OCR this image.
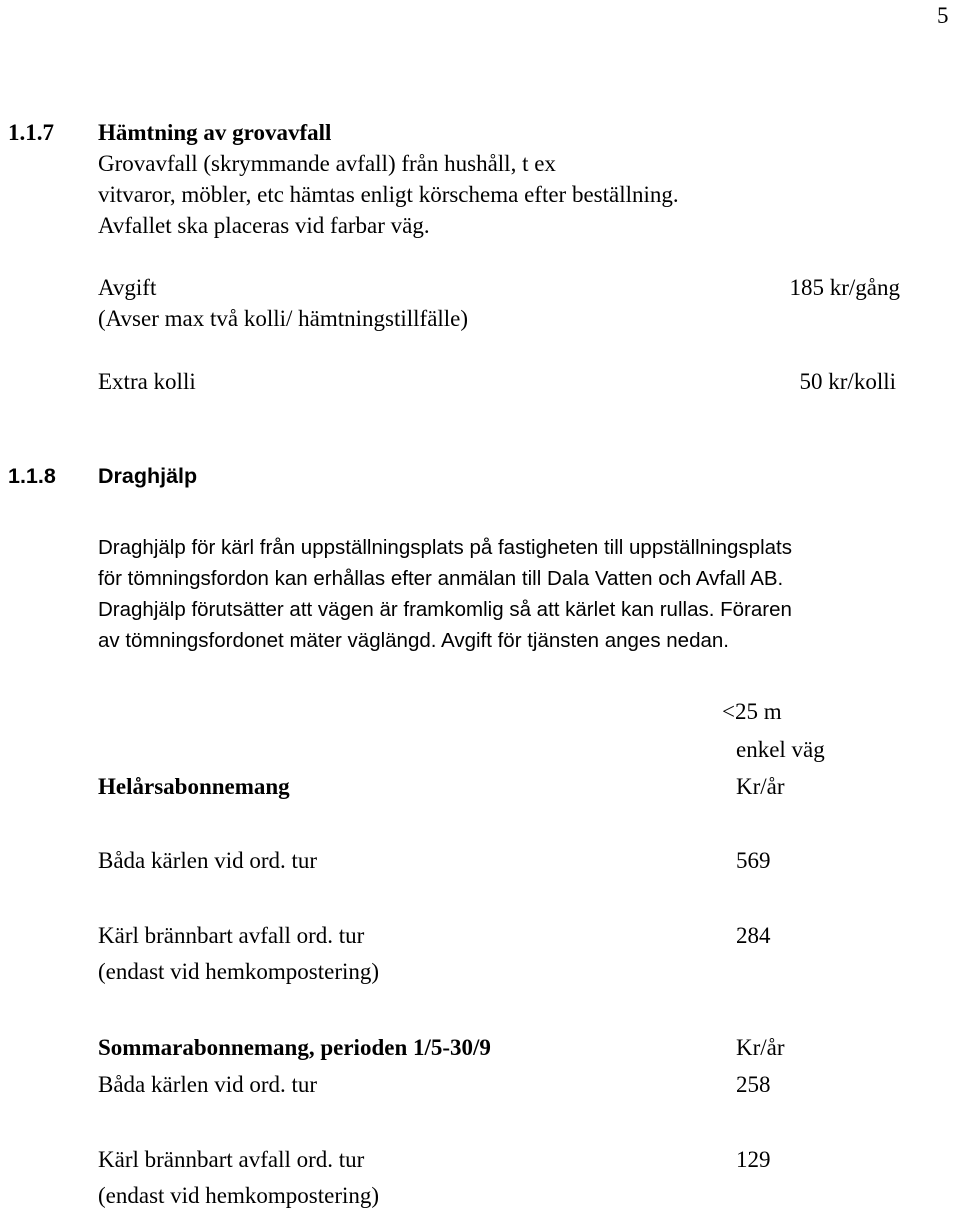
5
1.1.7 Hämtning av grovavfall
Grovavfall (skrymmande avfall) från hushåll, t ex
vitvaror, möbler, etc hämtas enligt körschema efter beställning.
Avfallet ska placeras vid farbar väg.
Avgift	185 kr/gång
(Avser max två kolli/ hämtningstillfälle)
Extra kolli	50 kr/kolli
1.1.8 Draghjälp
Draghjälp för kärl från uppställningsplats på fastigheten till uppställningsplats
för tömningsfordon kan erhållas efter anmälan till Dala Vatten och Avfall AB.
Draghjälp förutsätter att vägen är framkomlig så att kärlet kan rullas. Föraren
av tömningsfordonet mäter väglängd. Avgift för tjänsten anges nedan.
<25 m
enkel väg
Helårsabonnemang	Kr/år
Båda kärlen vid ord. tur	569
Kärl brännbart avfall ord. tur	284
(endast vid hemkompostering)
Sommarabonnemang, perioden 1/5-30/9	Kr/år
Båda kärlen vid ord. tur	258
Kärl brännbart avfall ord. tur	129
(endast vid hemkompostering)
